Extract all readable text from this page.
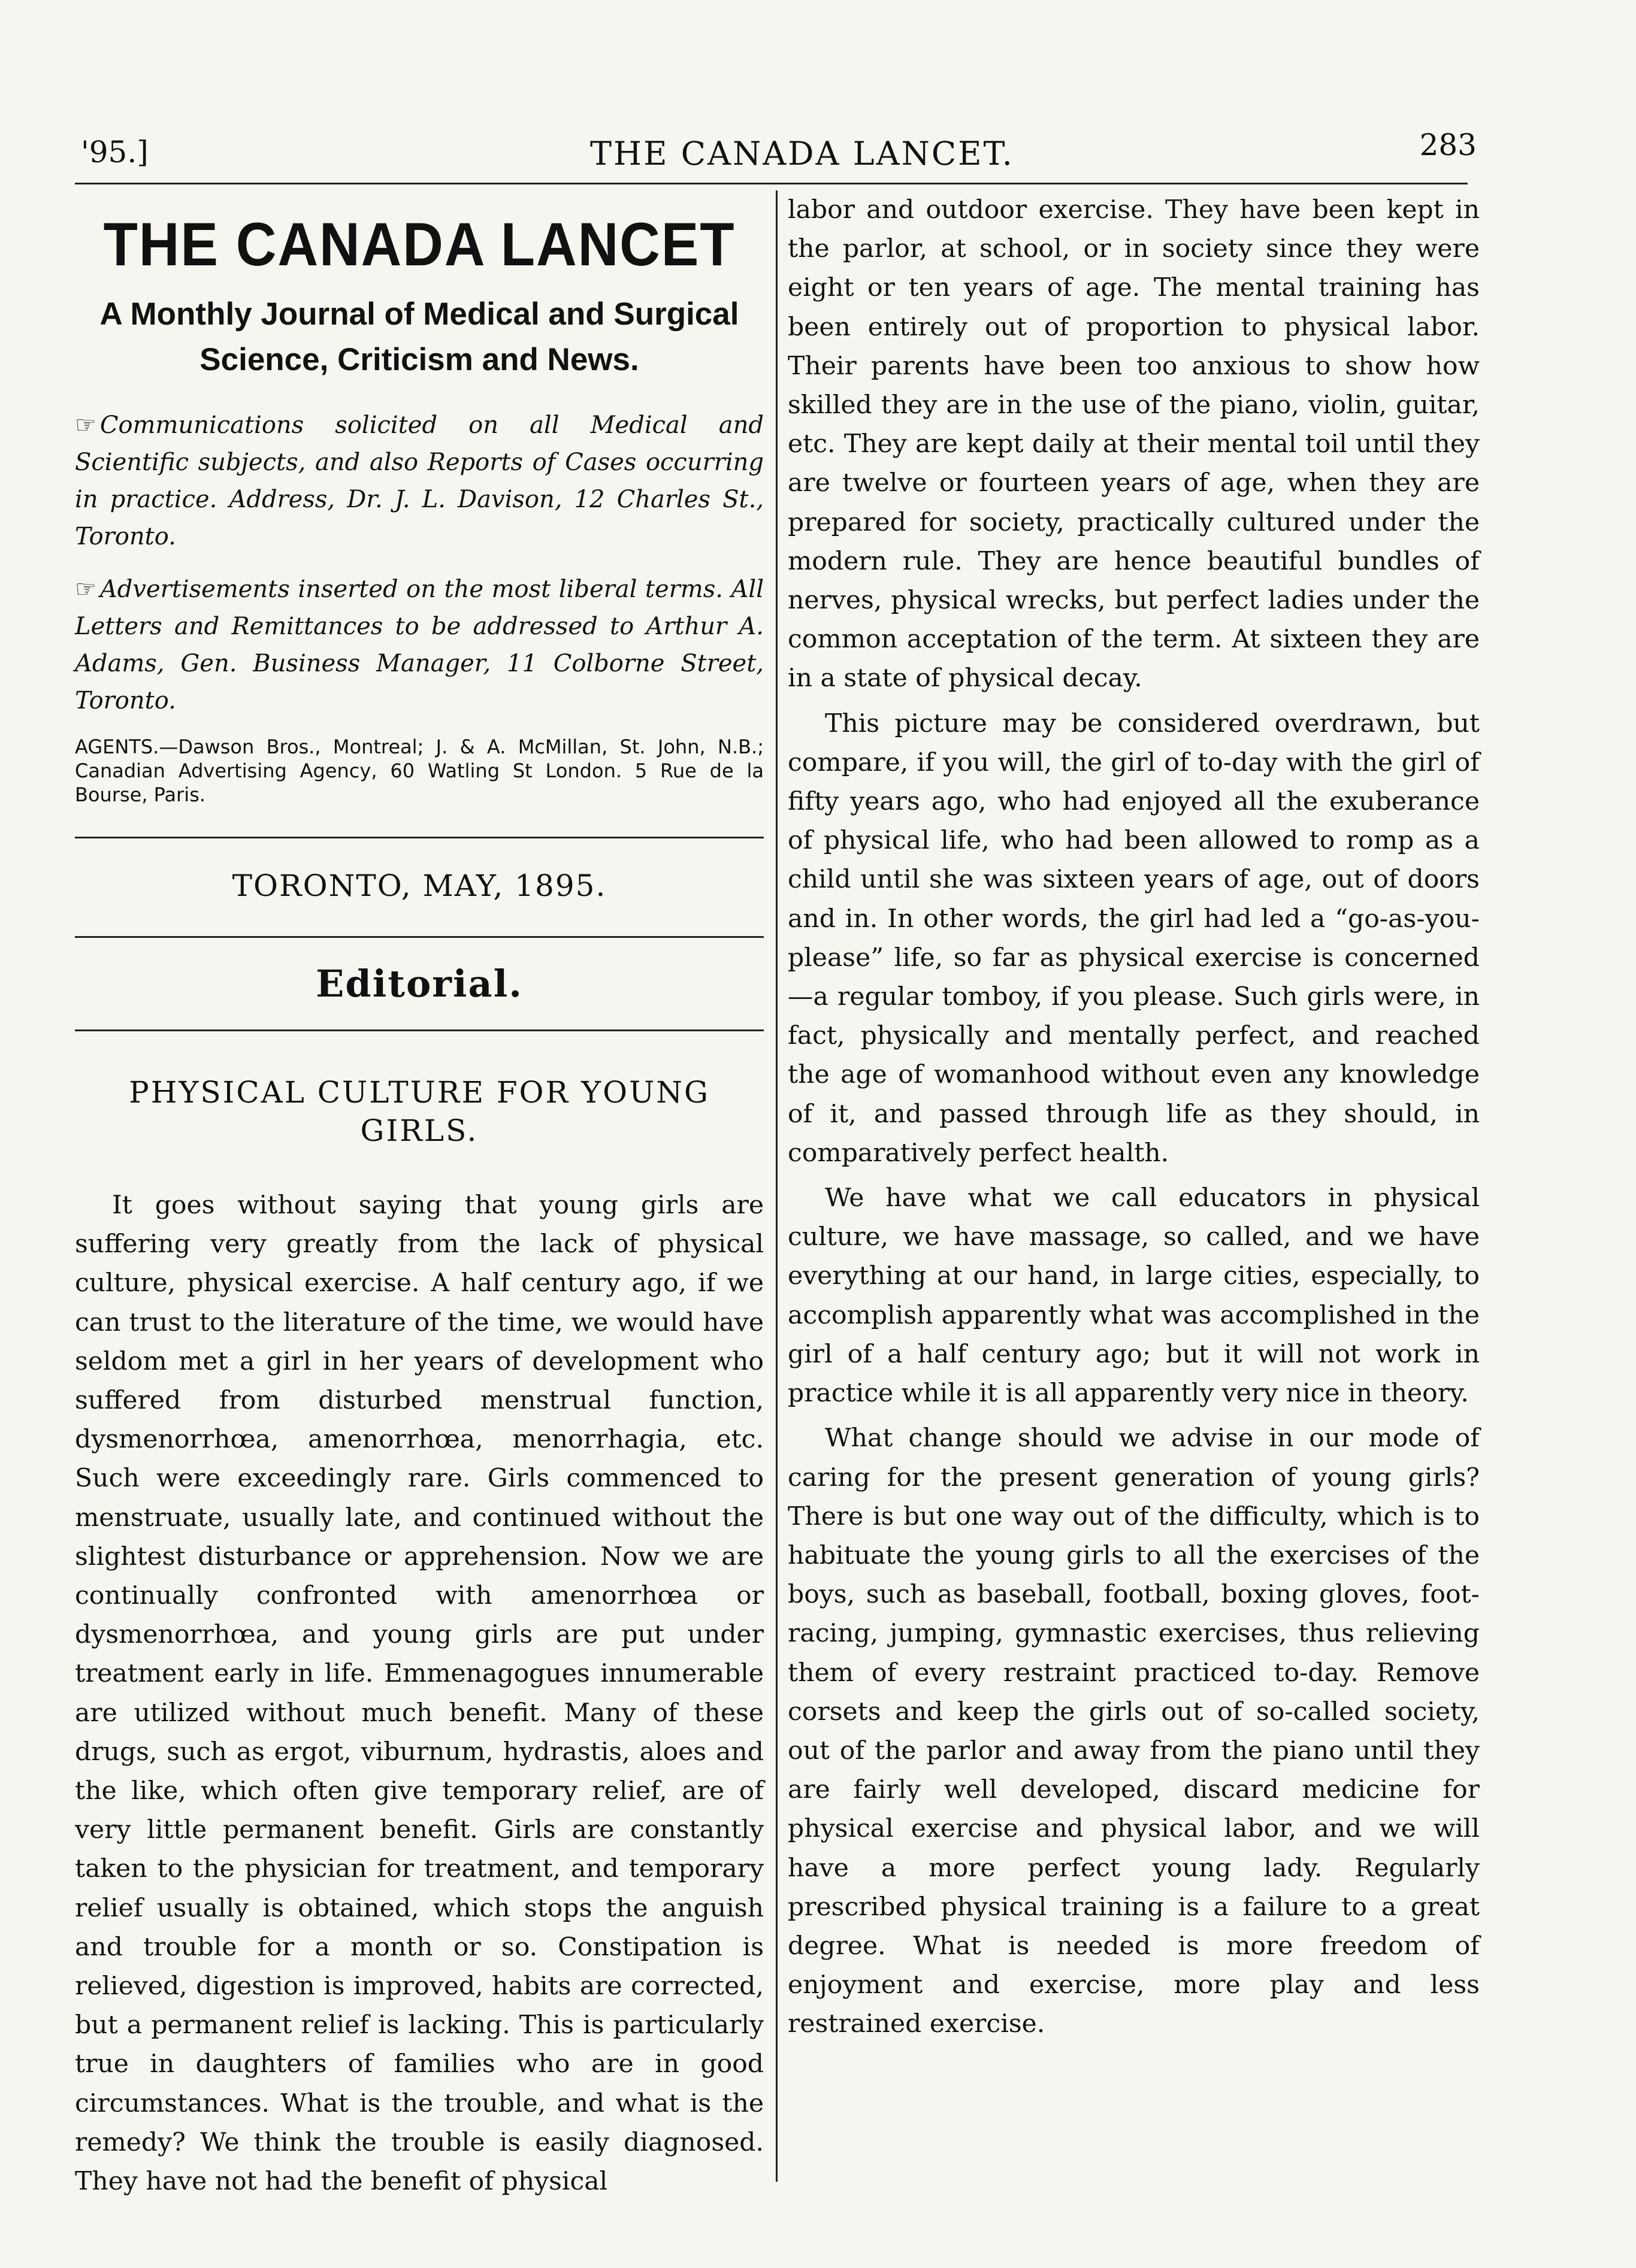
'95.]	THE CANADA LANCET.	283
THE CANADA LANCET
A Monthly Journal of Medical and Surgical Science, Criticism and News.

☞ Communications solicited on all Medical and Scientific subjects, and also Reports of Cases occurring in practice. Address, Dr. J. L. Davison, 12 Charles St., Toronto.

☞ Advertisements inserted on the most liberal terms. All Letters and Remittances to be addressed to Arthur A. Adams, Gen. Business Manager, 11 Colborne Street, Toronto.

AGENTS.—Dawson Bros., Montreal; J. & A. McMillan, St. John, N.B.; Canadian Advertising Agency, 60 Watling St London. 5 Rue de la Bourse, Paris.
TORONTO, MAY, 1895.
Editorial.
PHYSICAL CULTURE FOR YOUNG GIRLS.

It goes without saying that young girls are suffering very greatly from the lack of physical culture, physical exercise. A half century ago, if we can trust to the literature of the time, we would have seldom met a girl in her years of development who suffered from disturbed menstrual function, dysmenorrhœa, amenorrhœa, menorrhagia, etc. Such were exceedingly rare. Girls commenced to menstruate, usually late, and continued without the slightest disturbance or apprehension. Now we are continually confronted with amenorrhœa or dysmenorrhœa, and young girls are put under treatment early in life. Emmenagogues innumerable are utilized without much benefit. Many of these drugs, such as ergot, viburnum, hydrastis, aloes and the like, which often give temporary relief, are of very little permanent benefit. Girls are constantly taken to the physician for treatment, and temporary relief usually is obtained, which stops the anguish and trouble for a month or so. Constipation is relieved, digestion is improved, habits are corrected, but a permanent relief is lacking. This is particularly true in daughters of families who are in good circumstances. What is the trouble, and what is the remedy? We think the trouble is easily diagnosed. They have not had the benefit of physical

labor and outdoor exercise. They have been kept in the parlor, at school, or in society since they were eight or ten years of age. The mental training has been entirely out of proportion to physical labor. Their parents have been too anxious to show how skilled they are in the use of the piano, violin, guitar, etc. They are kept daily at their mental toil until they are twelve or fourteen years of age, when they are prepared for society, practically cultured under the modern rule. They are hence beautiful bundles of nerves, physical wrecks, but perfect ladies under the common acceptation of the term. At sixteen they are in a state of physical decay.

This picture may be considered overdrawn, but compare, if you will, the girl of to-day with the girl of fifty years ago, who had enjoyed all the exuberance of physical life, who had been allowed to romp as a child until she was sixteen years of age, out of doors and in. In other words, the girl had led a “go-as-you-please” life, so far as physical exercise is concerned—a regular tomboy, if you please. Such girls were, in fact, physically and mentally perfect, and reached the age of womanhood without even any knowledge of it, and passed through life as they should, in comparatively perfect health.

We have what we call educators in physical culture, we have massage, so called, and we have everything at our hand, in large cities, especially, to accomplish apparently what was accomplished in the girl of a half century ago; but it will not work in practice while it is all apparently very nice in theory.

What change should we advise in our mode of caring for the present generation of young girls? There is but one way out of the difficulty, which is to habituate the young girls to all the exercises of the boys, such as baseball, football, boxing gloves, foot-racing, jumping, gymnastic exercises, thus relieving them of every restraint practiced to-day. Remove corsets and keep the girls out of so-called society, out of the parlor and away from the piano until they are fairly well developed, discard medicine for physical exercise and physical labor, and we will have a more perfect young lady. Regularly prescribed physical training is a failure to a great degree. What is needed is more freedom of enjoyment and exercise, more play and less restrained exercise.
